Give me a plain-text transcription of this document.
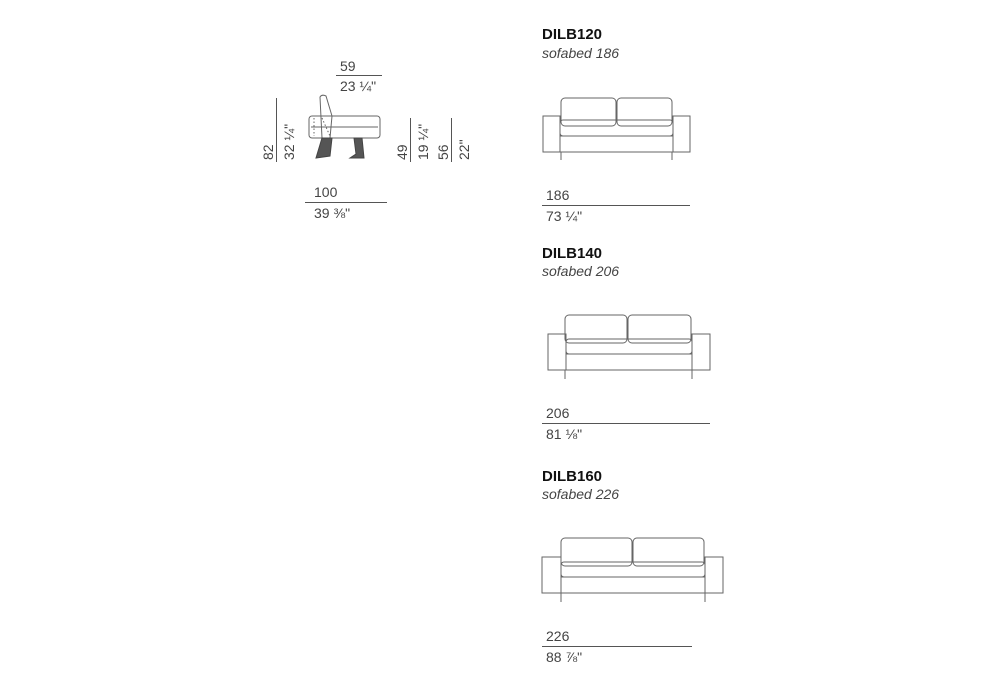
59
23 ¼"
82 32 ¼"	49 19 ¼" 56 22"
100
39 ⅜"
DILB120
sofabed 186
186
73 ¼"
DILB140
sofabed 206
206
81 ⅛"
DILB160
sofabed 226
226
88 ⅞"
